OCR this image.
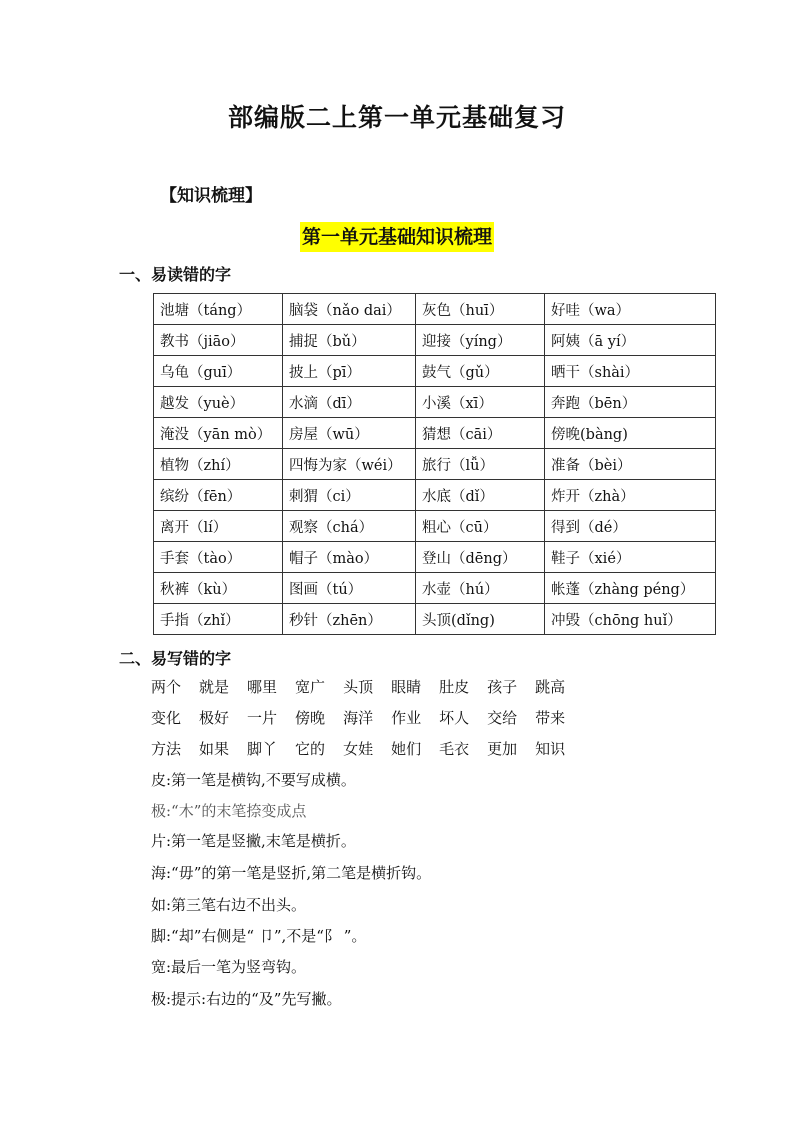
部编版二上第一单元基础复习
【知识梳理】
第一单元基础知识梳理
一、易读错的字
池塘（táng）	脑袋（nǎo dai）	灰色（huī）	好哇（wa）
教书（jiāo）	捕捉（bǔ）	迎接（yíng）	阿姨（ā yí）
乌龟（guī）	披上（pī）	鼓气（gǔ）	晒干（shài）
越发（yuè）	水滴（dī）	小溪（xī）	奔跑（bēn）
淹没（yān mò）	房屋（wū）	猜想（cāi）	傍晚(bàng)
植物（zhí）	四悔为家（wéi）	旅行（lǚ）	准备（bèi）
缤纷（fēn）	刺猬（ci）	水底（dǐ）	炸开（zhà）
离开（lí）	观察（chá）	粗心（cū）	得到（dé）
手套（tào）	帽子（mào）	登山（dēng）	鞋子（xié）
秋裤（kù）	图画（tú）	水壶（hú）	帐蓬（zhàng péng）
手指（zhǐ）	秒针（zhēn）	头顶(dǐng)	冲毁（chōng huǐ）
二、易写错的字
两个 就是 哪里 宽广 头顶 眼睛 肚皮 孩子 跳高
变化 极好 一片 傍晚 海洋 作业 坏人 交给 带来
方法 如果 脚丫 它的 女娃 她们 毛衣 更加 知识
皮:第一笔是横钩,不要写成横。
极:“木”的末笔捺变成点
片:第一笔是竖撇,末笔是横折。
海:“毋”的第一笔是竖折,第二笔是横折钩。
如:第三笔右边不出头。
脚:“却”右侧是“ 卩”,不是“阝 ”。
宽:最后一笔为竖弯钩。
极:提示:右边的“及”先写撇。
